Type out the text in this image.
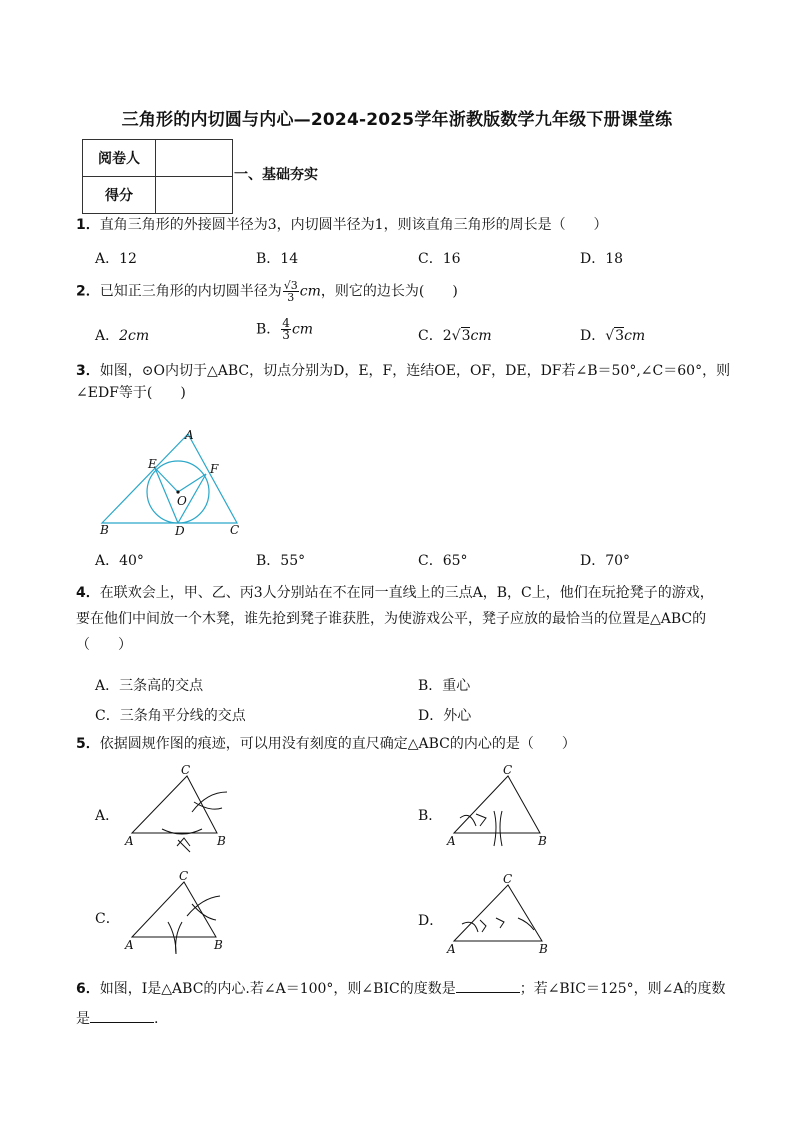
三角形的内切圆与内心—2024-2025学年浙教版数学九年级下册课堂练
阅卷人	
得分	
一、基础夯实
1．直角三角形的外接圆半径为3，内切圆半径为1，则该直角三角形的周长是（　　）
A．12	B．14	C．16	D．18
2．已知正三角形的内切圆半径为 $\frac{√3}{3}$ cm，则它的边长为(　　)
A．2cm	B． $\frac{4}{3}$ cm	C．2√3cm	D．√3cm
3．如图，⊙O内切于△ABC，切点分别为D，E，F，连结OE，OF，DE，DF若∠B＝50°,∠C＝60°，则
∠EDF等于(　　)
A
B	C
D
E	F
O
A．40°	B．55°	C．65°	D．70°
4．在联欢会上，甲、乙、丙3人分别站在不在同一直线上的三点A，B，C上，他们在玩抢凳子的游戏，
要在他们中间放一个木凳，谁先抢到凳子谁获胜，为使游戏公平，凳子应放的最恰当的位置是△ABC的
（　　）
A．三条高的交点	B．重心
C．三条角平分线的交点	D．外心
5．依据圆规作图的痕迹，可以用没有刻度的直尺确定△ABC的内心的是（　　）
A．
A
C
B
B．
A
C
B
C．
A
C
B
D．
A
C
B
6．如图，I是△ABC的内心.若∠A＝100°，则∠BIC的度数是	；若∠BIC＝125°，则∠A的度数
是	.
